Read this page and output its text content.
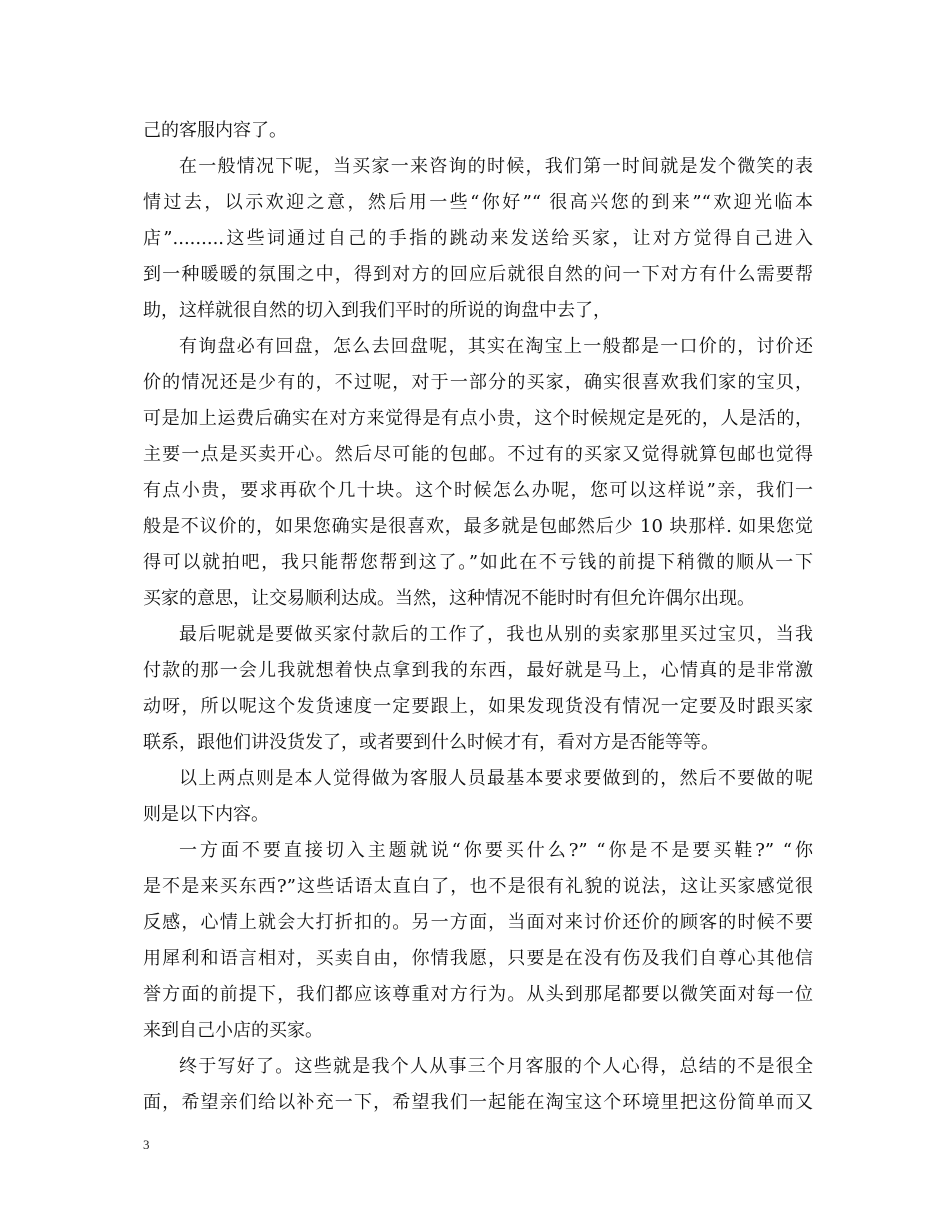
己的客服内容了。
在一般情况下呢，当买家一来咨询的时候，我们第一时间就是发个微笑的表
情过去，以示欢迎之意，然后用一些“你好”“ 很高兴您的到来”“欢迎光临本
店”.........这些词通过自己的手指的跳动来发送给买家，让对方觉得自己进入
到一种暖暖的氛围之中，得到对方的回应后就很自然的问一下对方有什么需要帮
助，这样就很自然的切入到我们平时的所说的询盘中去了，
有询盘必有回盘，怎么去回盘呢，其实在淘宝上一般都是一口价的，讨价还
价的情况还是少有的，不过呢，对于一部分的买家，确实很喜欢我们家的宝贝，
可是加上运费后确实在对方来觉得是有点小贵，这个时候规定是死的，人是活的，
主要一点是买卖开心。然后尽可能的包邮。不过有的买家又觉得就算包邮也觉得
有点小贵，要求再砍个几十块。这个时候怎么办呢，您可以这样说”亲，我们一
般是不议价的，如果您确实是很喜欢，最多就是包邮然后少 10 块那样. 如果您觉
得可以就拍吧，我只能帮您帮到这了。”如此在不亏钱的前提下稍微的顺从一下
买家的意思，让交易顺利达成。当然，这种情况不能时时有但允许偶尔出现。
最后呢就是要做买家付款后的工作了，我也从别的卖家那里买过宝贝，当我
付款的那一会儿我就想着快点拿到我的东西，最好就是马上，心情真的是非常激
动呀，所以呢这个发货速度一定要跟上，如果发现货没有情况一定要及时跟买家
联系，跟他们讲没货发了，或者要到什么时候才有，看对方是否能等等。
以上两点则是本人觉得做为客服人员最基本要求要做到的，然后不要做的呢
则是以下内容。
一方面不要直接切入主题就说“你要买什么?” “你是不是要买鞋?” “你
是不是来买东西?”这些话语太直白了，也不是很有礼貌的说法，这让买家感觉很
反感，心情上就会大打折扣的。另一方面，当面对来讨价还价的顾客的时候不要
用犀利和语言相对，买卖自由，你情我愿，只要是在没有伤及我们自尊心其他信
誉方面的前提下，我们都应该尊重对方行为。从头到那尾都要以微笑面对每一位
来到自己小店的买家。
终于写好了。这些就是我个人从事三个月客服的个人心得，总结的不是很全
面，希望亲们给以补充一下，希望我们一起能在淘宝这个环境里把这份简单而又
3
